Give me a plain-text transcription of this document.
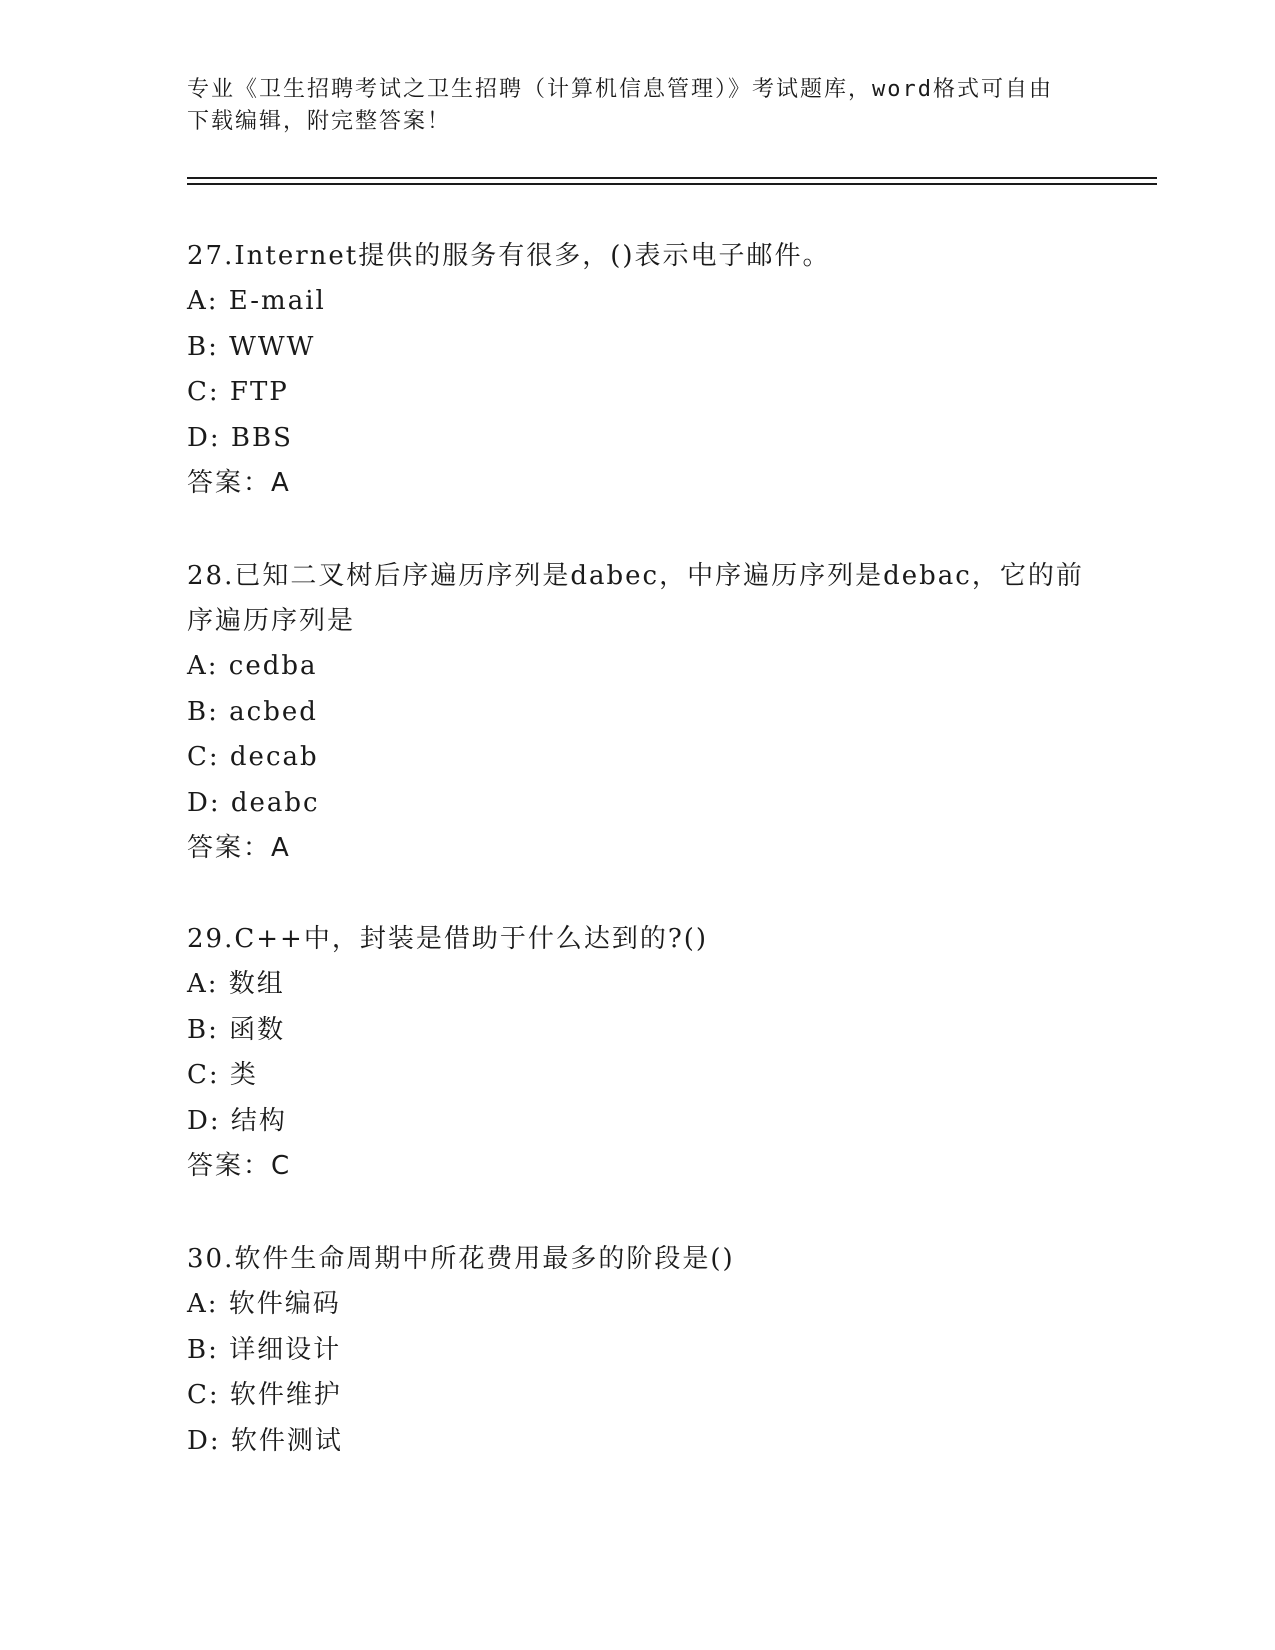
专业《卫生招聘考试之卫生招聘（计算机信息管理）》考试题库，word格式可自由下载编辑，附完整答案！

27.Internet提供的服务有很多，()表示电子邮件。

A: E-mail

B: WWW

C: FTP

D: BBS

答案：A

28.已知二叉树后序遍历序列是dabec，中序遍历序列是debac，它的前序遍历序列是

A: cedba

B: acbed

C: decab

D: deabc

答案：A

29.C++中，封装是借助于什么达到的?()

A: 数组

B: 函数

C: 类

D: 结构

答案：C

30.软件生命周期中所花费用最多的阶段是()

A: 软件编码

B: 详细设计

C: 软件维护

D: 软件测试
